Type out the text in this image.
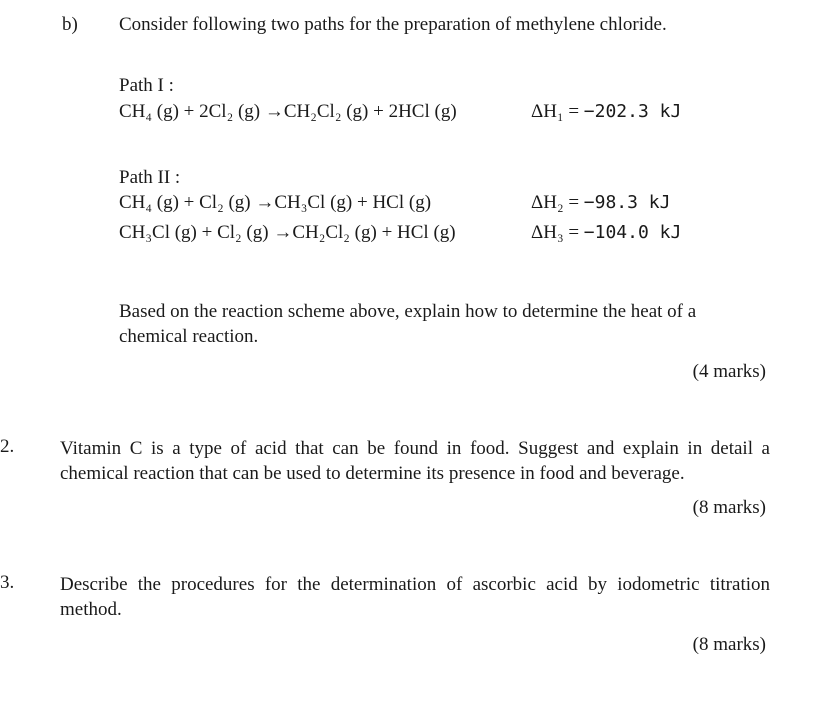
b) Consider following two paths for the preparation of methylene chloride.
Path I :
CH₄ (g) + 2Cl₂ (g) →CH₂Cl₂ (g) + 2HCl (g)	ΔH₁ = −202.3 kJ
Path II :
CH₄ (g) + Cl₂ (g) →CH₃Cl (g) + HCl (g)	ΔH₂ = −98.3 kJ
CH₃Cl (g) + Cl₂ (g) →CH₂Cl₂ (g) + HCl (g)	ΔH₃ = −104.0 kJ
Based on the reaction scheme above, explain how to determine the heat of a chemical reaction.
(4 marks)
2. Vitamin C is a type of acid that can be found in food. Suggest and explain in detail a chemical reaction that can be used to determine its presence in food and beverage.
(8 marks)
3. Describe the procedures for the determination of ascorbic acid by iodometric titration method.
(8 marks)
